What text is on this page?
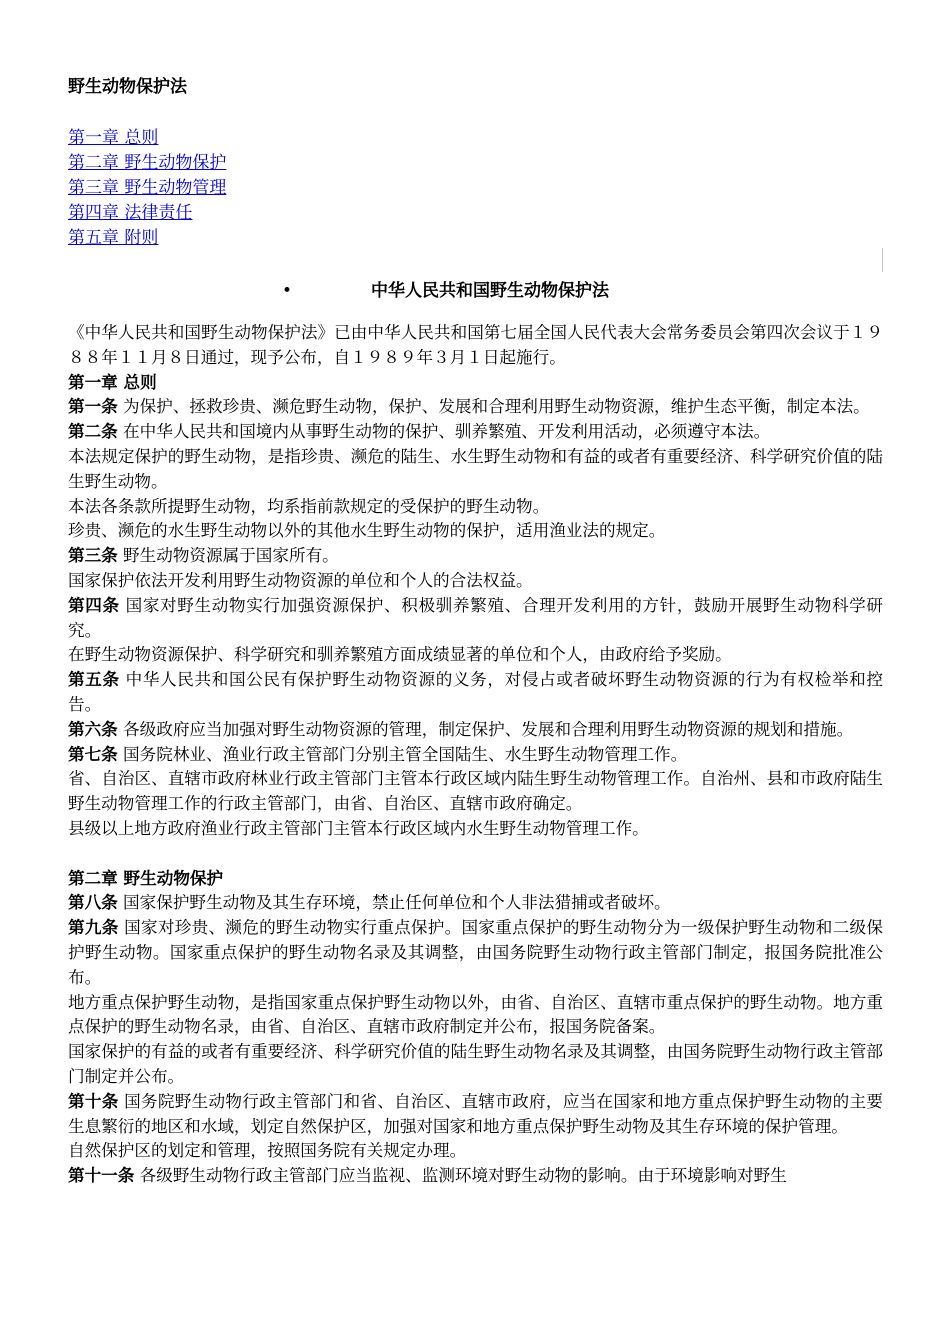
野生动物保护法
第一章 总则
第二章 野生动物保护
第三章 野生动物管理
第四章 法律责任
第五章 附则
•	中华人民共和国野生动物保护法

《中华人民共和国野生动物保护法》已由中华人民共和国第七届全国人民代表大会常务委员会第四次会议于１９８８年１１月８日通过，现予公布，自１９８９年３月１日起施行。

第一章 总则

第一条 为保护、拯救珍贵、濒危野生动物，保护、发展和合理利用野生动物资源，维护生态平衡，制定本法。

第二条 在中华人民共和国境内从事野生动物的保护、驯养繁殖、开发利用活动，必须遵守本法。

本法规定保护的野生动物，是指珍贵、濒危的陆生、水生野生动物和有益的或者有重要经济、科学研究价值的陆生野生动物。

本法各条款所提野生动物，均系指前款规定的受保护的野生动物。

珍贵、濒危的水生野生动物以外的其他水生野生动物的保护，适用渔业法的规定。

第三条 野生动物资源属于国家所有。

国家保护依法开发利用野生动物资源的单位和个人的合法权益。

第四条 国家对野生动物实行加强资源保护、积极驯养繁殖、合理开发利用的方针，鼓励开展野生动物科学研究。

在野生动物资源保护、科学研究和驯养繁殖方面成绩显著的单位和个人，由政府给予奖励。

第五条 中华人民共和国公民有保护野生动物资源的义务，对侵占或者破坏野生动物资源的行为有权检举和控告。

第六条 各级政府应当加强对野生动物资源的管理，制定保护、发展和合理利用野生动物资源的规划和措施。

第七条 国务院林业、渔业行政主管部门分别主管全国陆生、水生野生动物管理工作。

省、自治区、直辖市政府林业行政主管部门主管本行政区域内陆生野生动物管理工作。自治州、县和市政府陆生野生动物管理工作的行政主管部门，由省、自治区、直辖市政府确定。

县级以上地方政府渔业行政主管部门主管本行政区域内水生野生动物管理工作。

第二章 野生动物保护

第八条 国家保护野生动物及其生存环境，禁止任何单位和个人非法猎捕或者破坏。

第九条 国家对珍贵、濒危的野生动物实行重点保护。国家重点保护的野生动物分为一级保护野生动物和二级保护野生动物。国家重点保护的野生动物名录及其调整，由国务院野生动物行政主管部门制定，报国务院批准公布。

地方重点保护野生动物，是指国家重点保护野生动物以外，由省、自治区、直辖市重点保护的野生动物。地方重点保护的野生动物名录，由省、自治区、直辖市政府制定并公布，报国务院备案。

国家保护的有益的或者有重要经济、科学研究价值的陆生野生动物名录及其调整，由国务院野生动物行政主管部门制定并公布。

第十条 国务院野生动物行政主管部门和省、自治区、直辖市政府，应当在国家和地方重点保护野生动物的主要生息繁衍的地区和水域，划定自然保护区，加强对国家和地方重点保护野生动物及其生存环境的保护管理。

自然保护区的划定和管理，按照国务院有关规定办理。

第十一条 各级野生动物行政主管部门应当监视、监测环境对野生动物的影响。由于环境影响对野生
